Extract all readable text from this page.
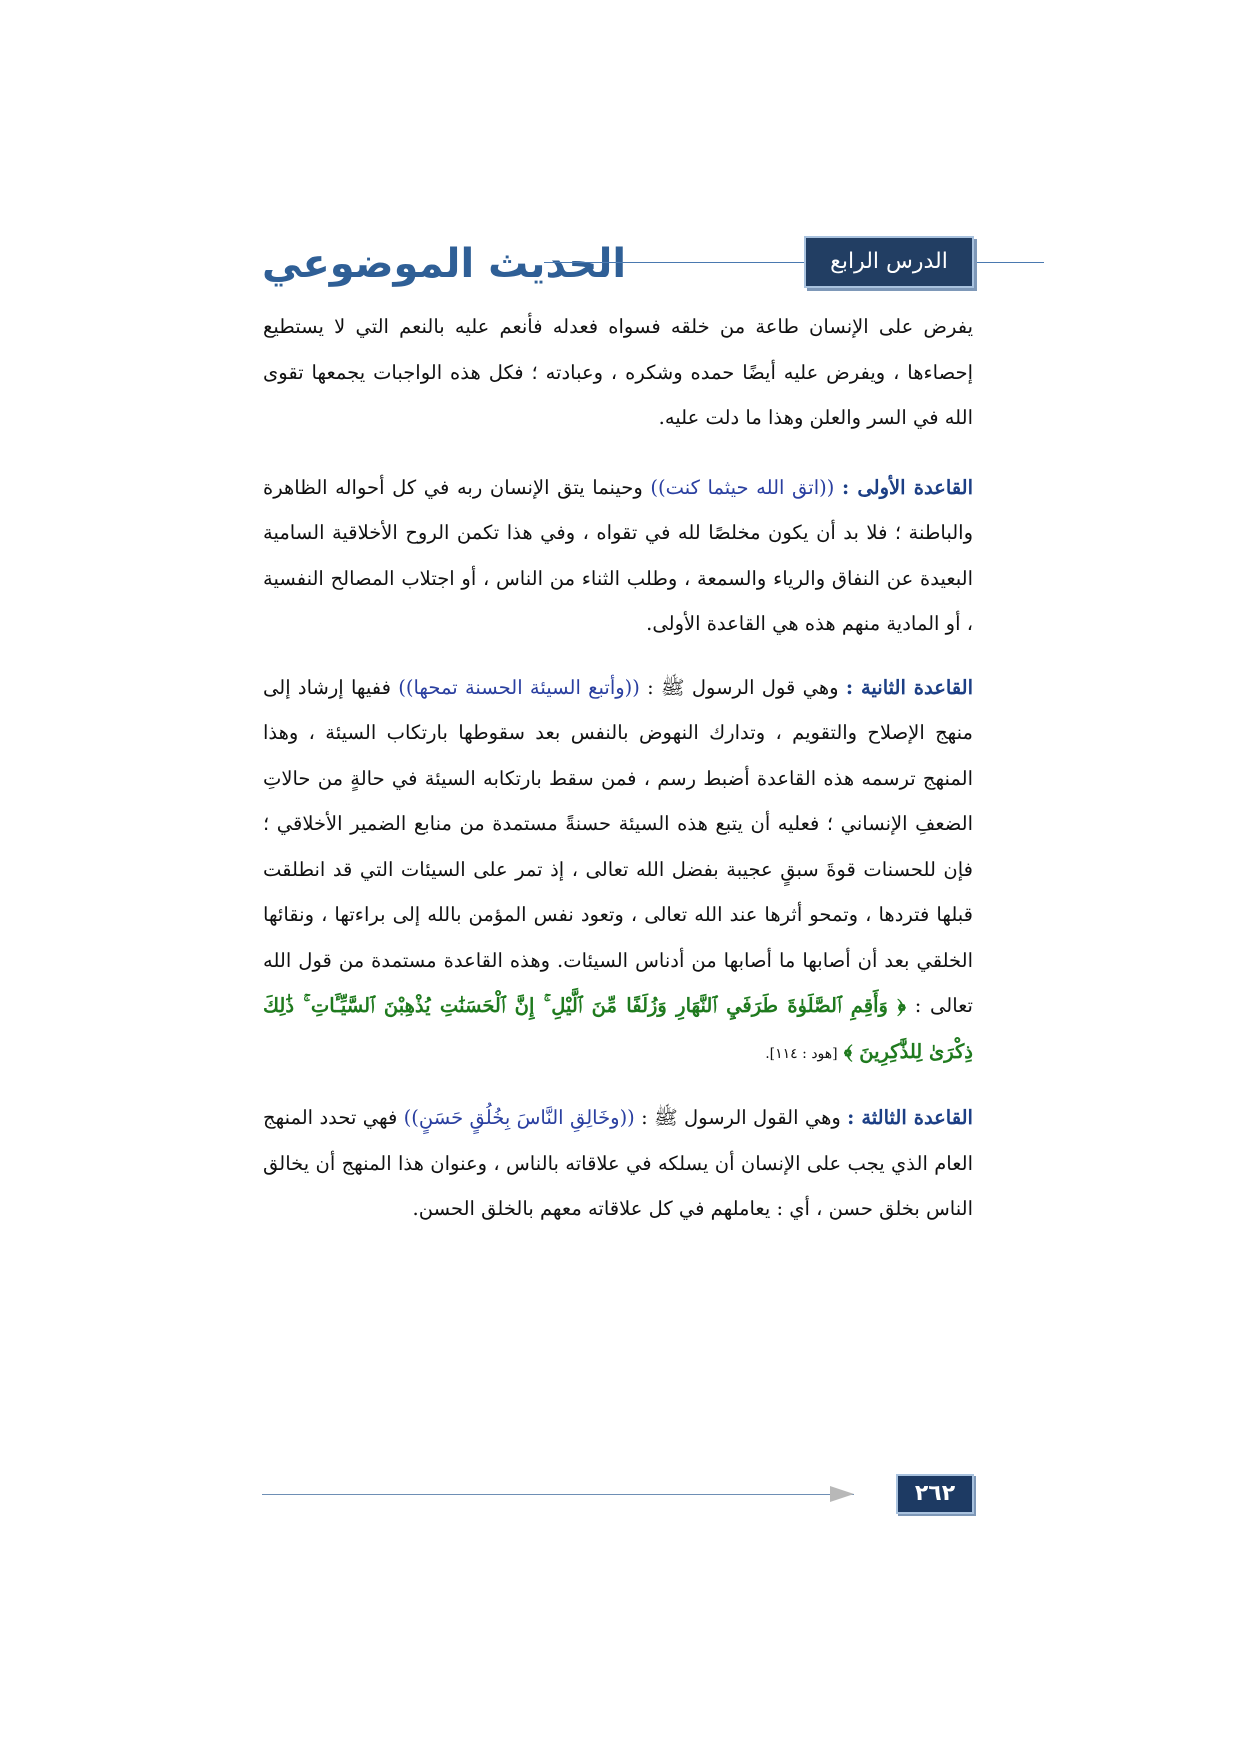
الحديث الموضوعي	الدرس الرابع عشر

يفرض على الإنسان طاعة من خلقه فسواه فعدله فأنعم عليه بالنعم التي لا يستطيع إحصاءها ، ويفرض عليه أيضًا حمده وشكره ، وعبادته ؛ فكل هذه الواجبات يجمعها تقوى الله في السر والعلن وهذا ما دلت عليه.

القاعدة الأولى : ((اتق الله حيثما كنت)) وحينما يتق الإنسان ربه في كل أحواله الظاهرة والباطنة ؛ فلا بد أن يكون مخلصًا لله في تقواه ، وفي هذا تكمن الروح الأخلاقية السامية البعيدة عن النفاق والرياء والسمعة ، وطلب الثناء من الناس ، أو اجتلاب المصالح النفسية ، أو المادية منهم هذه هي القاعدة الأولى.

القاعدة الثانية : وهي قول الرسول ﷺ : ((وأتبع السيئة الحسنة تمحها)) ففيها إرشاد إلى منهج الإصلاح والتقويم ، وتدارك النهوض بالنفس بعد سقوطها بارتكاب السيئة ، وهذا المنهج ترسمه هذه القاعدة أضبط رسم ، فمن سقط بارتكابه السيئة في حالةٍ من حالاتِ الضعفِ الإنساني ؛ فعليه أن يتبع هذه السيئة حسنةً مستمدة من منابع الضمير الأخلاقي ؛ فإن للحسنات قوةَ سبقٍ عجيبة بفضل الله تعالى ، إذ تمر على السيئات التي قد انطلقت قبلها فتردها ، وتمحو أثرها عند الله تعالى ، وتعود نفس المؤمن بالله إلى براءتها ، ونقائها الخلقي بعد أن أصابها ما أصابها من أدناس السيئات. وهذه القاعدة مستمدة من قول الله تعالى : ﴿ وَأَقِمِ ٱلصَّلَوٰةَ طَرَفَيِ ٱلنَّهَارِ وَزُلَفًا مِّنَ ٱلَّيْلِ ۚ إِنَّ ٱلْحَسَنَٰتِ يُذْهِبْنَ ٱلسَّيِّـَٔاتِ ۚ ذَٰلِكَ ذِكْرَىٰ لِلذَّٰكِرِينَ ﴾ [هود : ١١٤].

القاعدة الثالثة : وهي القول الرسول ﷺ : ((وخَالِقِ النَّاسَ بِخُلُقٍ حَسَنٍ)) فهي تحدد المنهج العام الذي يجب على الإنسان أن يسلكه في علاقاته بالناس ، وعنوان هذا المنهج أن يخالق الناس بخلق حسن ، أي : يعاملهم في كل علاقاته معهم بالخلق الحسن.

٢٦٢
